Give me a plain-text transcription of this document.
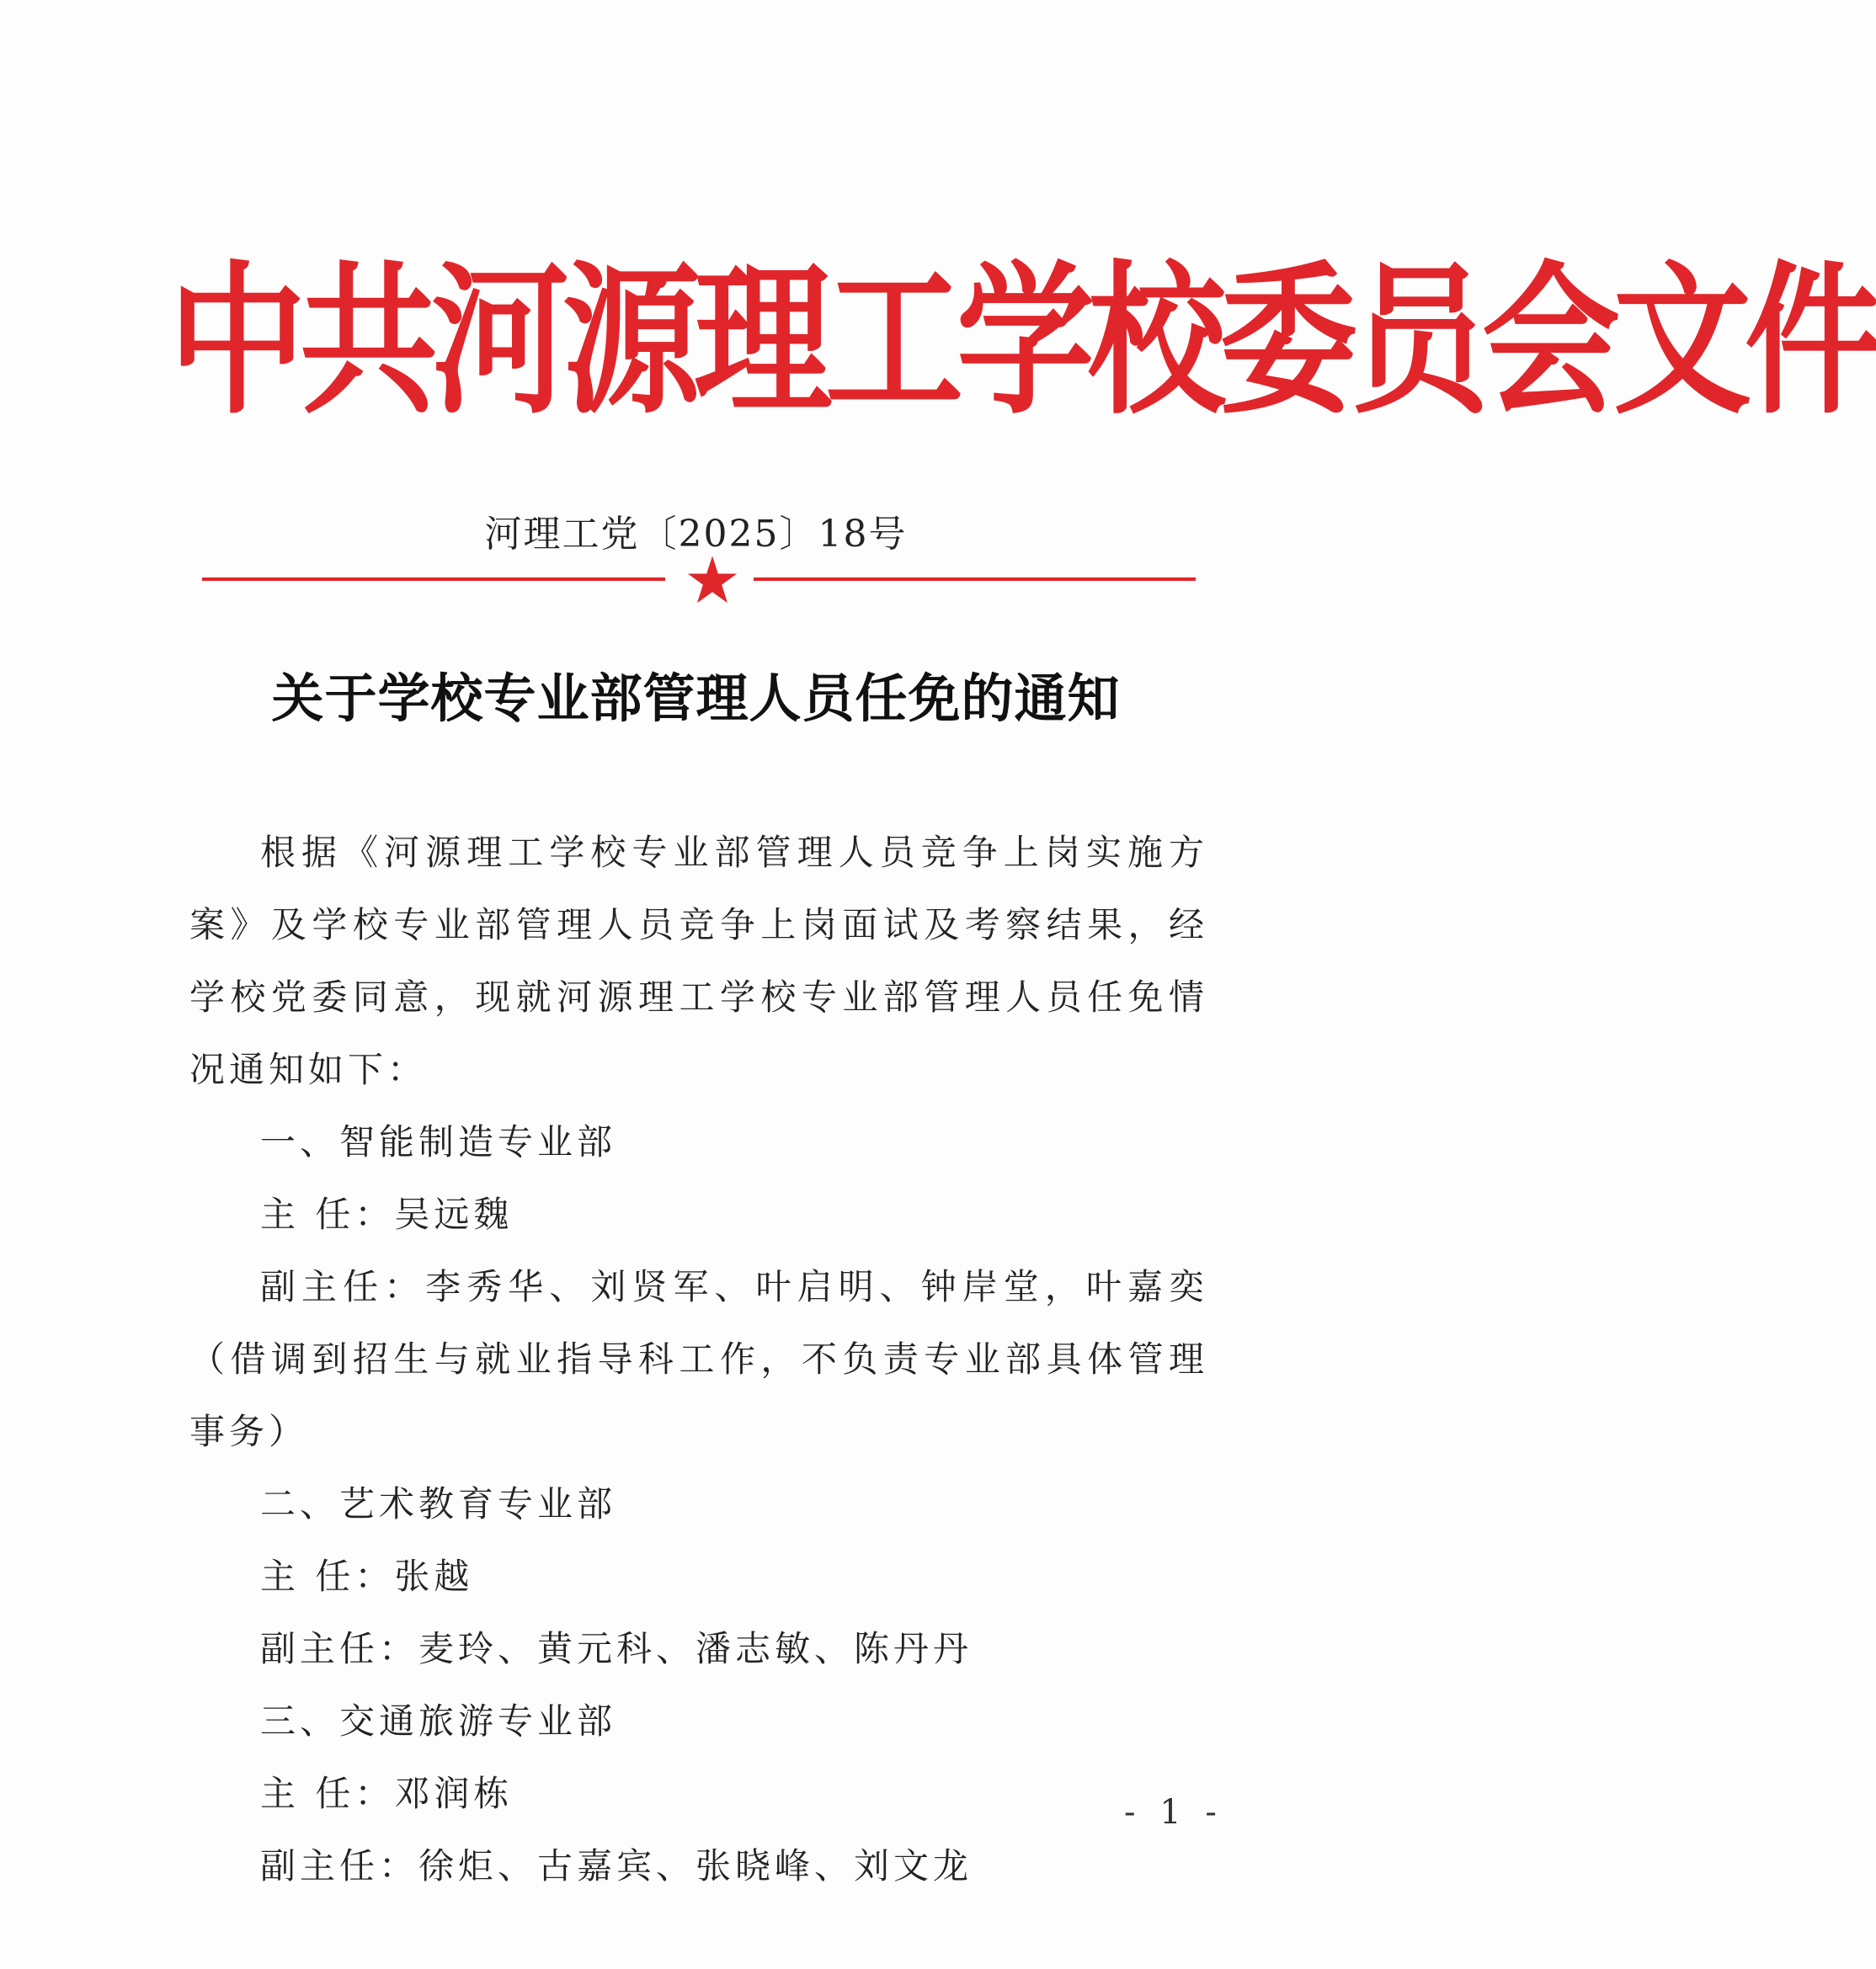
中共河源理工学校委员会文件
河理工党〔2025〕18号
关于学校专业部管理人员任免的通知

根据《河源理工学校专业部管理人员竞争上岗实施方案》及学校专业部管理人员竞争上岗面试及考察结果，经学校党委同意，现就河源理工学校专业部管理人员任免情况通知如下：

一、智能制造专业部

主 任：吴远魏

副主任：李秀华、刘贤军、叶启明、钟岸堂，叶嘉奕（借调到招生与就业指导科工作，不负责专业部具体管理事务）

二、艺术教育专业部

主 任：张越

副主任：麦玲、黄元科、潘志敏、陈丹丹

三、交通旅游专业部

主 任：邓润栋

副主任：徐炬、古嘉宾、张晓峰、刘文龙

- 1 -
